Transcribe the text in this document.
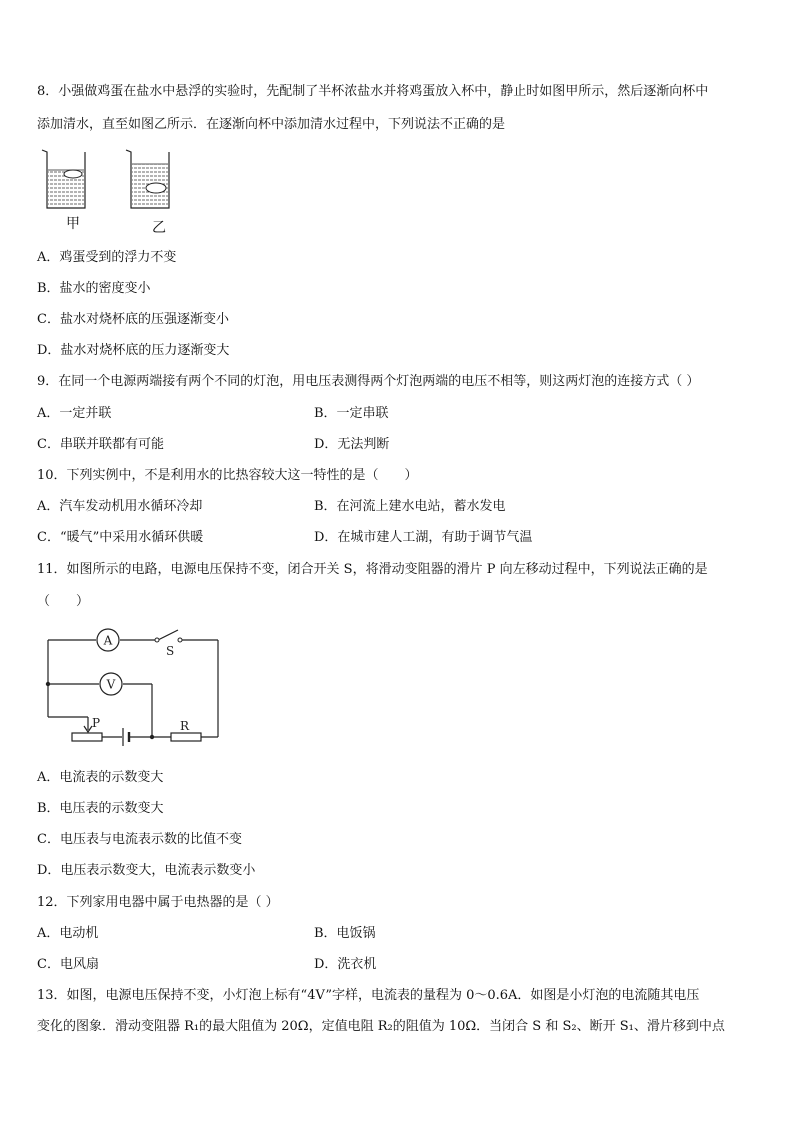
8．小强做鸡蛋在盐水中悬浮的实验时，先配制了半杯浓盐水并将鸡蛋放入杯中，静止时如图甲所示，然后逐渐向杯中
添加清水，直至如图乙所示．在逐渐向杯中添加清水过程中，下列说法不正确的是
甲	乙
A．鸡蛋受到的浮力不变
B．盐水的密度变小
C．盐水对烧杯底的压强逐渐变小
D．盐水对烧杯底的压力逐渐变大
9．在同一个电源两端接有两个不同的灯泡，用电压表测得两个灯泡两端的电压不相等，则这两灯泡的连接方式（ ）
A．一定并联	B．一定串联
C．串联并联都有可能	D．无法判断
10．下列实例中，不是利用水的比热容较大这一特性的是（　　）
A．汽车发动机用水循环冷却	B．在河流上建水电站，蓄水发电
C．“暖气”中采用水循环供暖	D．在城市建人工湖，有助于调节气温
11．如图所示的电路，电源电压保持不变，闭合开关 S，将滑动变阻器的滑片 P 向左移动过程中，下列说法正确的是
（　　）
A
V
S
P	R
A．电流表的示数变大
B．电压表的示数变大
C．电压表与电流表示数的比值不变
D．电压表示数变大，电流表示数变小
12．下列家用电器中属于电热器的是（ ）
A．电动机	B．电饭锅
C．电风扇	D．洗衣机
13．如图，电源电压保持不变，小灯泡上标有“4V”字样，电流表的量程为 0～0.6A．如图是小灯泡的电流随其电压
变化的图象．滑动变阻器 R₁的最大阻值为 20Ω，定值电阻 R₂的阻值为 10Ω．当闭合 S 和 S₂、断开 S₁、滑片移到中点
